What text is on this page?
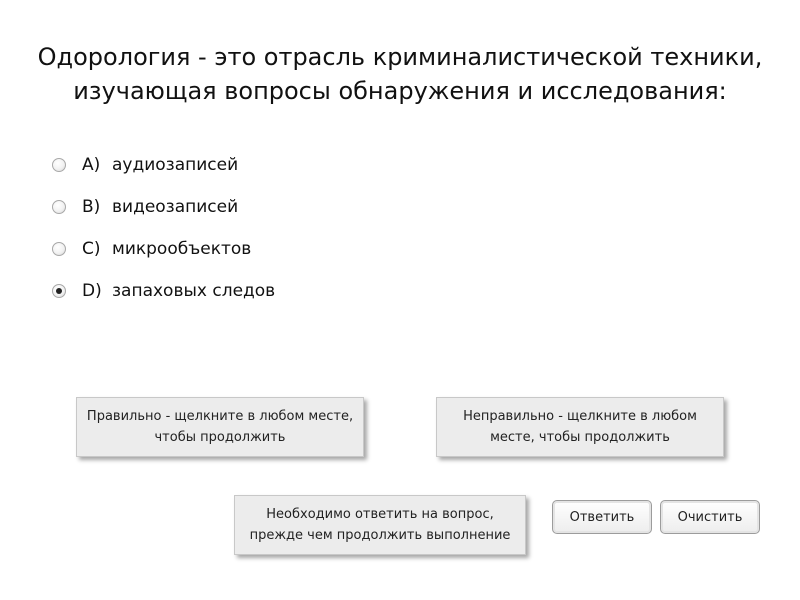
Одорология - это отрасль криминалистической техники,
изучающая вопросы обнаружения и исследования:
A) аудиозаписей
B) видеозаписей
C) микрообъектов
D) запаховых следов
Правильно - щелкните в любом месте,
чтобы продолжить
Неправильно - щелкните в любом
месте, чтобы продолжить
Необходимо ответить на вопрос,
прежде чем продолжить выполнение
Ответить	Очистить
